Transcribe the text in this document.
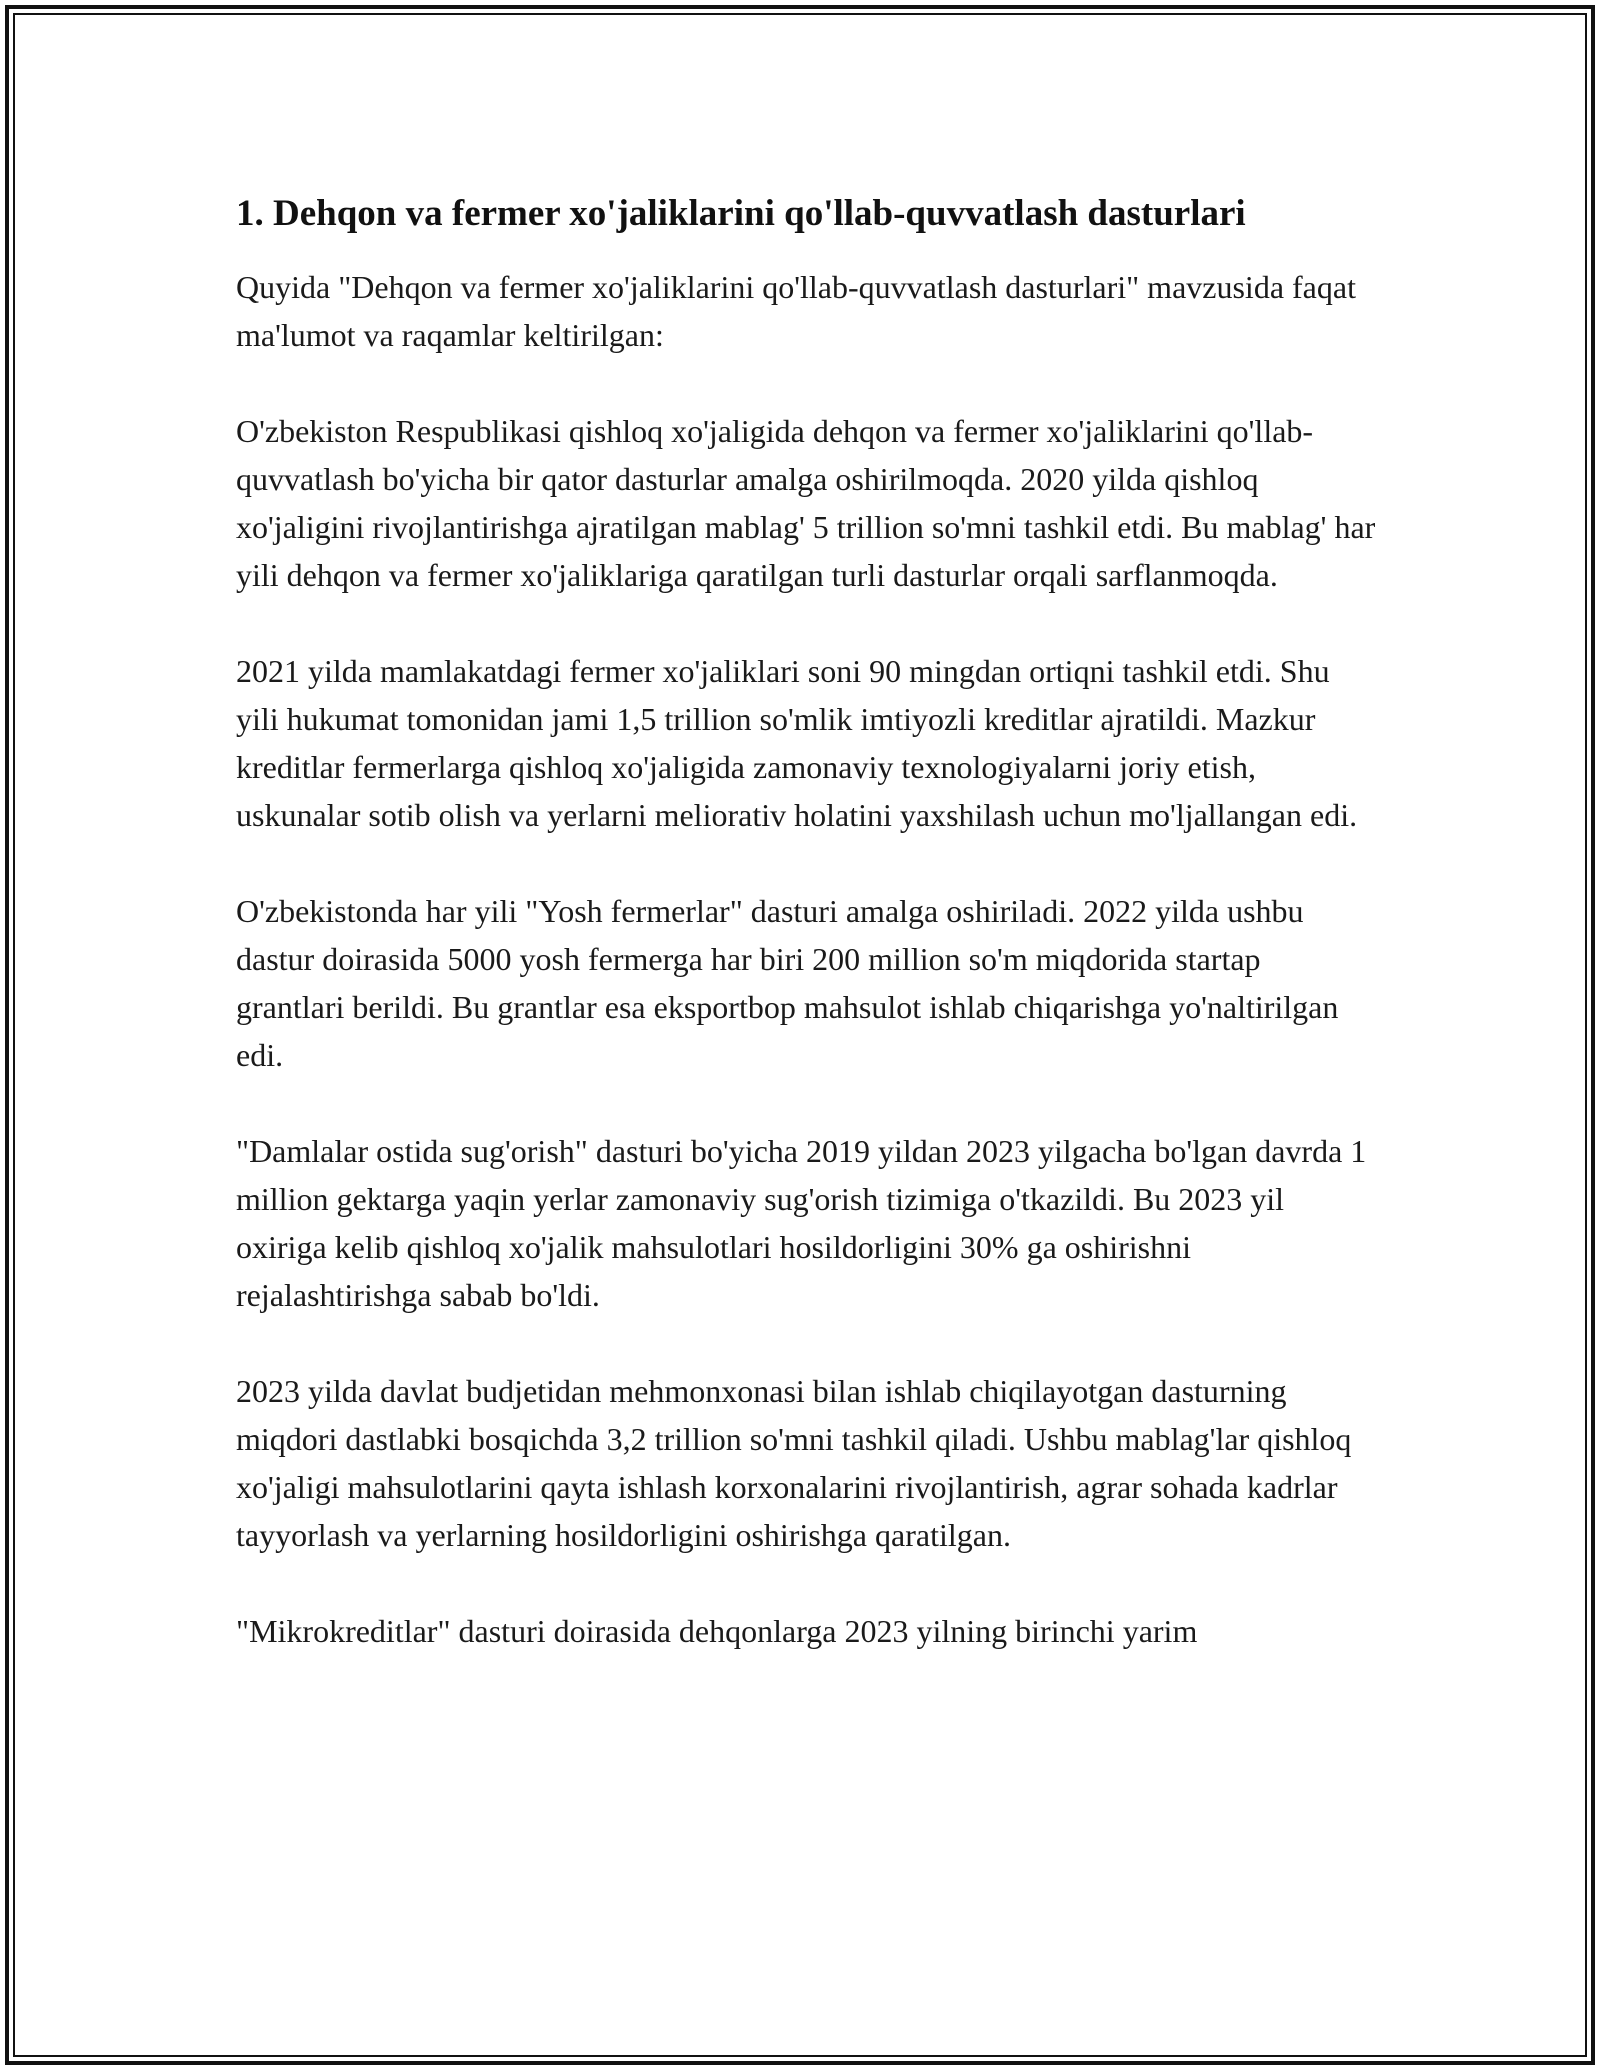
1. Dehqon va fermer xo'jaliklarini qo'llab-quvvatlash dasturlari
Quyida "Dehqon va fermer xo'jaliklarini qo'llab-quvvatlash dasturlari" mavzusida faqat ma'lumot va raqamlar keltirilgan:

O'zbekiston Respublikasi qishloq xo'jaligida dehqon va fermer xo'jaliklarini qo'llab-quvvatlash bo'yicha bir qator dasturlar amalga oshirilmoqda. 2020 yilda qishloq xo'jaligini rivojlantirishga ajratilgan mablag' 5 trillion so'mni tashkil etdi. Bu mablag' har yili dehqon va fermer xo'jaliklariga qaratilgan turli dasturlar orqali sarflanmoqda.

2021 yilda mamlakatdagi fermer xo'jaliklari soni 90 mingdan ortiqni tashkil etdi. Shu yili hukumat tomonidan jami 1,5 trillion so'mlik imtiyozli kreditlar ajratildi. Mazkur kreditlar fermerlarga qishloq xo'jaligida zamonaviy texnologiyalarni joriy etish, uskunalar sotib olish va yerlarni meliorativ holatini yaxshilash uchun mo'ljallangan edi.

O'zbekistonda har yili "Yosh fermerlar" dasturi amalga oshiriladi. 2022 yilda ushbu dastur doirasida 5000 yosh fermerga har biri 200 million so'm miqdorida startap grantlari berildi. Bu grantlar esa eksportbop mahsulot ishlab chiqarishga yo'naltirilgan edi.

"Damlalar ostida sug'orish" dasturi bo'yicha 2019 yildan 2023 yilgacha bo'lgan davrda 1 million gektarga yaqin yerlar zamonaviy sug'orish tizimiga o'tkazildi. Bu 2023 yil oxiriga kelib qishloq xo'jalik mahsulotlari hosildorligini 30% ga oshirishni rejalashtirishga sabab bo'ldi.

2023 yilda davlat budjetidan mehmonxonasi bilan ishlab chiqilayotgan dasturning miqdori dastlabki bosqichda 3,2 trillion so'mni tashkil qiladi. Ushbu mablag'lar qishloq xo'jaligi mahsulotlarini qayta ishlash korxonalarini rivojlantirish, agrar sohada kadrlar tayyorlash va yerlarning hosildorligini oshirishga qaratilgan.

"Mikrokreditlar" dasturi doirasida dehqonlarga 2023 yilning birinchi yarim
